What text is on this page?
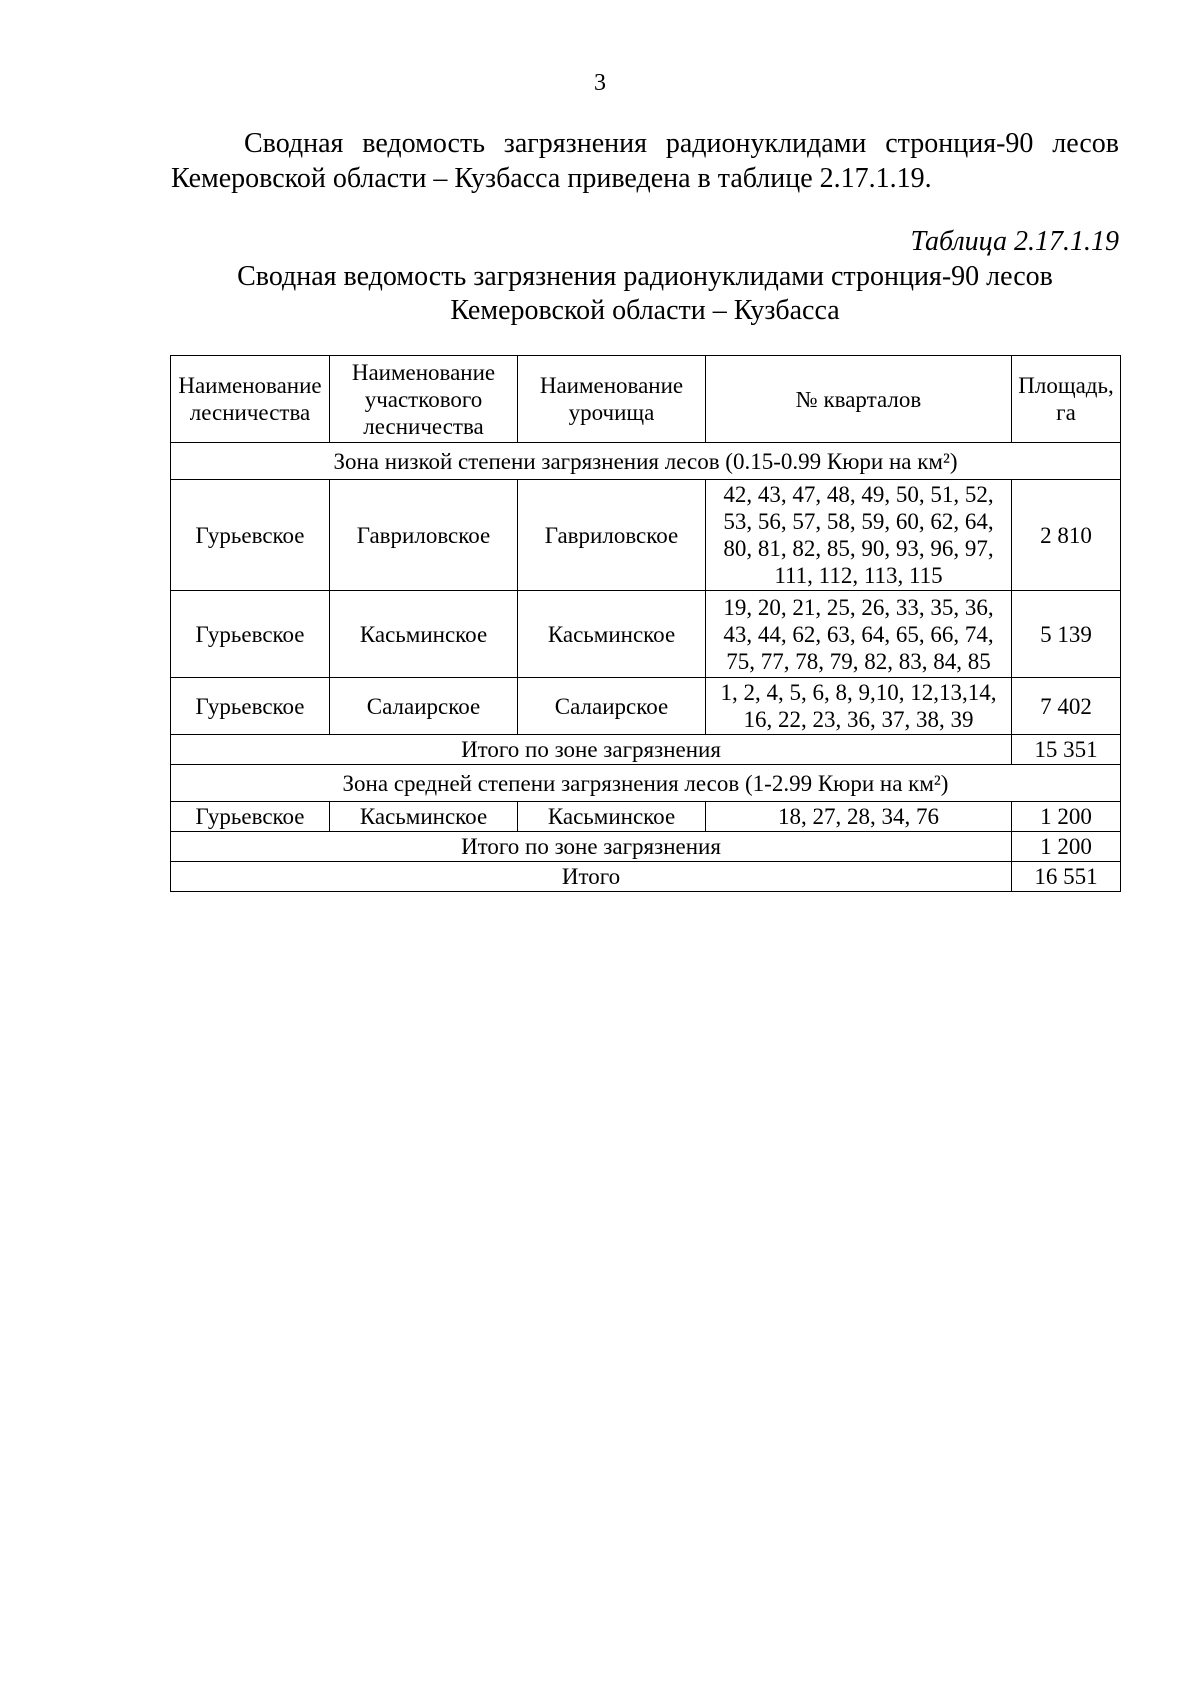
3

Сводная ведомость загрязнения радионуклидами стронция-90 лесов Кемеровской области – Кузбасса приведена в таблице 2.17.1.19.

Таблица 2.17.1.19
Сводная ведомость загрязнения радионуклидами стронция-90 лесов
Кемеровской области – Кузбасса
Наименование лесничества	Наименование участкового лесничества	Наименование урочища	№ кварталов	Площадь, га
Зона низкой степени загрязнения лесов (0.15-0.99 Кюри на км²)				
Гурьевское	Гавриловское	Гавриловское	42, 43, 47, 48, 49, 50, 51, 52, 53, 56, 57, 58, 59, 60, 62, 64, 80, 81, 82, 85, 90, 93, 96, 97, 111, 112, 113, 115	2 810
Гурьевское	Касьминское	Касьминское	19, 20, 21, 25, 26, 33, 35, 36, 43, 44, 62, 63, 64, 65, 66, 74, 75, 77, 78, 79, 82, 83, 84, 85	5 139
Гурьевское	Салаирское	Салаирское	1, 2, 4, 5, 6, 8, 9,10, 12,13,14, 16, 22, 23, 36, 37, 38, 39	7 402
Итого по зоне загрязнения				15 351
Зона средней степени загрязнения лесов (1-2.99 Кюри на км²)				
Гурьевское	Касьминское	Касьминское	18, 27, 28, 34, 76	1 200
Итого по зоне загрязнения				1 200
Итого				16 551
